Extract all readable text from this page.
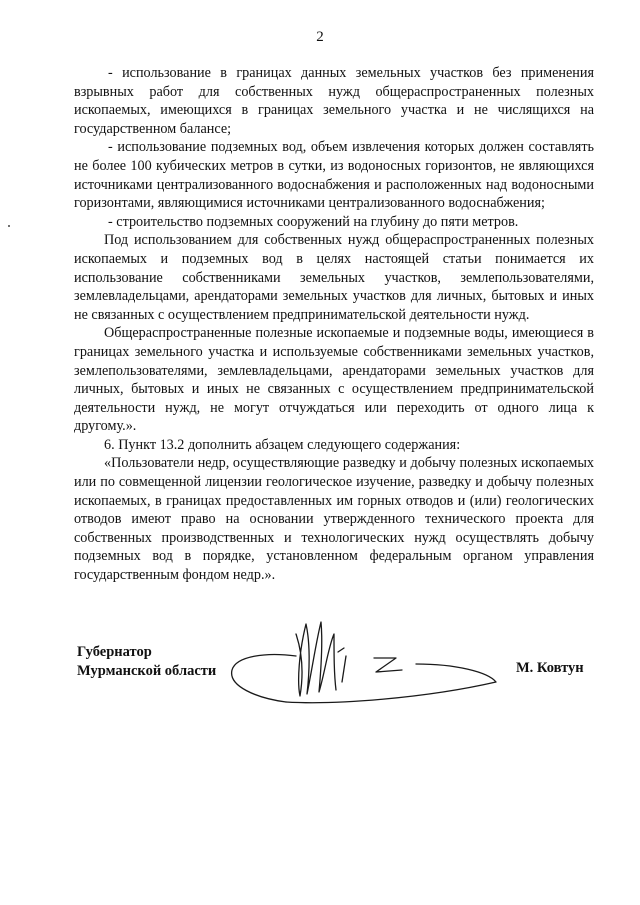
2

- использование в границах данных земельных участков без применения взрывных работ для собственных нужд общераспространенных полезных ископаемых, имеющихся в границах земельного участка и не числящихся на государственном балансе;

- использование подземных вод, объем извлечения которых должен составлять не более 100 кубических метров в сутки, из водоносных горизонтов, не являющихся источниками централизованного водоснабжения и расположенных над водоносными горизонтами, являющимися источниками централизованного водоснабжения;

- строительство подземных сооружений на глубину до пяти метров.

Под использованием для собственных нужд общераспространенных полезных ископаемых и подземных вод в целях настоящей статьи понимается их использование собственниками земельных участков, землепользователями, землевладельцами, арендаторами земельных участков для личных, бытовых и иных не связанных с осуществлением предпринимательской деятельности нужд.

Общераспространенные полезные ископаемые и подземные воды, имеющиеся в границах земельного участка и используемые собственниками земельных участков, землепользователями, землевладельцами, арендаторами земельных участков для личных, бытовых и иных не связанных с осуществлением предпринимательской деятельности нужд, не могут отчуждаться или переходить от одного лица к другому.».

6. Пункт 13.2 дополнить абзацем следующего содержания:

«Пользователи недр, осуществляющие разведку и добычу полезных ископаемых или по совмещенной лицензии геологическое изучение, разведку и добычу полезных ископаемых, в границах предоставленных им горных отводов и (или) геологических отводов имеют право на основании утвержденного технического проекта для собственных производственных и технологических нужд осуществлять добычу подземных вод в порядке, установленном федеральным органом управления государственным фондом недр.».

Губернатор
Мурманской области	М. Ковтун
